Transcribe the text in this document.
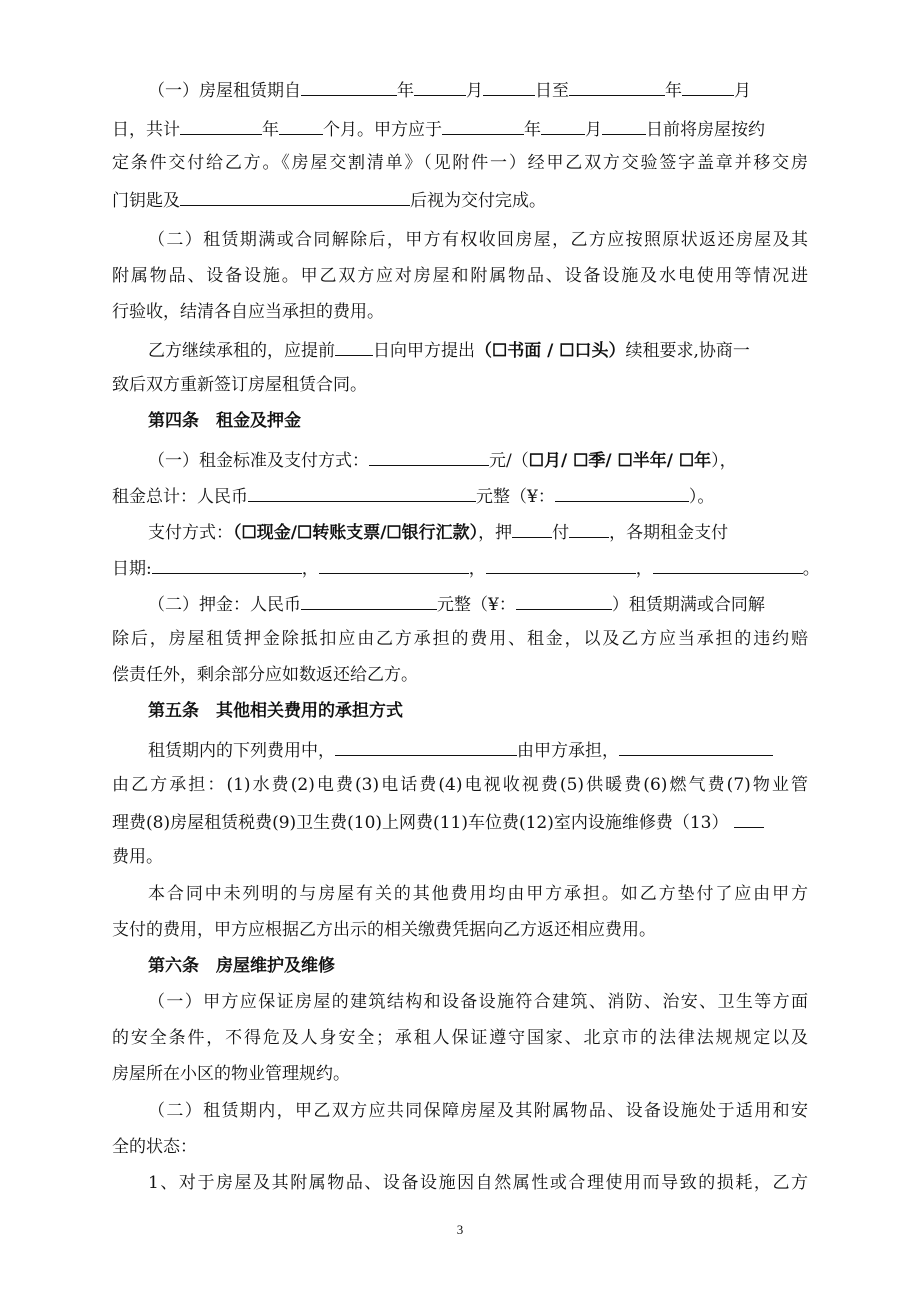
（一）房屋租赁期自	年	月	日至	年	月
日，共计	年	个月。甲方应于	年	月	日前将房屋按约
定条件交付给乙方。《房屋交割清单》（见附件一）经甲乙双方交验签字盖章并移交房
门钥匙及	后视为交付完成。
（二）租赁期满或合同解除后，甲方有权收回房屋，乙方应按照原状返还房屋及其
附属物品、设备设施。甲乙双方应对房屋和附属物品、设备设施及水电使用等情况进
行验收，结清各自应当承担的费用。
乙方继续承租的，应提前 日向甲方提出（☐书面 / ☐口头）续租要求,协商一
致后双方重新签订房屋租赁合同。
第四条　租金及押金
（一）租金标准及支付方式：	元/（☐月/ ☐季/ ☐半年/ ☐年），
租金总计：人民币	元整（¥：	）。
支付方式：（☐现金/☐转账支票/☐银行汇款），押 付 ，各期租金支付
日期:	，	，	，	。
（二）押金：人民币	元整（¥：	）租赁期满或合同解
除后，房屋租赁押金除抵扣应由乙方承担的费用、租金，以及乙方应当承担的违约赔
偿责任外，剩余部分应如数返还给乙方。
第五条　其他相关费用的承担方式
租赁期内的下列费用中，	由甲方承担，
由乙方承担：(1)水费(2)电费(3)电话费(4)电视收视费(5)供暖费(6)燃气费(7)物业管
理费(8)房屋租赁税费(9)卫生费(10)上网费(11)车位费(12)室内设施维修费（13）
费用。
本合同中未列明的与房屋有关的其他费用均由甲方承担。如乙方垫付了应由甲方
支付的费用，甲方应根据乙方出示的相关缴费凭据向乙方返还相应费用。
第六条　房屋维护及维修
（一）甲方应保证房屋的建筑结构和设备设施符合建筑、消防、治安、卫生等方面
的安全条件，不得危及人身安全；承租人保证遵守国家、北京市的法律法规规定以及
房屋所在小区的物业管理规约。
（二）租赁期内，甲乙双方应共同保障房屋及其附属物品、设备设施处于适用和安
全的状态：
1、对于房屋及其附属物品、设备设施因自然属性或合理使用而导致的损耗，乙方
3
